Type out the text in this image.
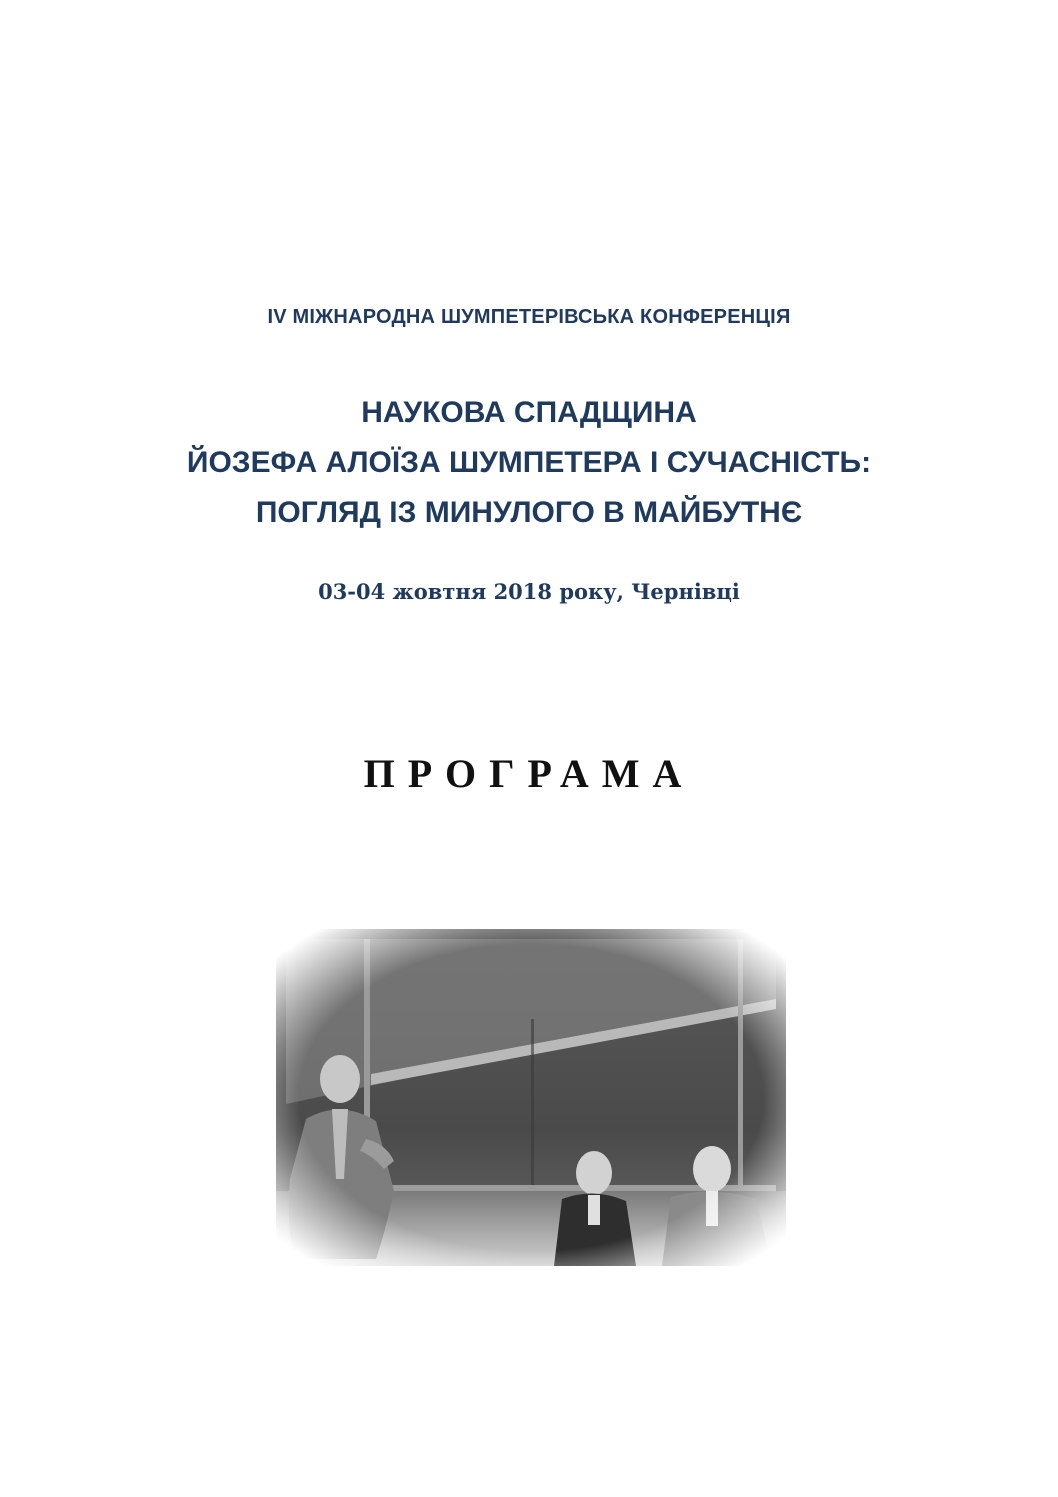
IV МІЖНАРОДНА ШУМПЕТЕРІВСЬКА КОНФЕРЕНЦІЯ
НАУКОВА СПАДЩИНА
ЙОЗЕФА АЛОЇЗА ШУМПЕТЕРА І СУЧАСНІСТЬ:
ПОГЛЯД ІЗ МИНУЛОГО В МАЙБУТНЄ
03-04 жовтня 2018 року, Чернівці
ПРОГРАМА
